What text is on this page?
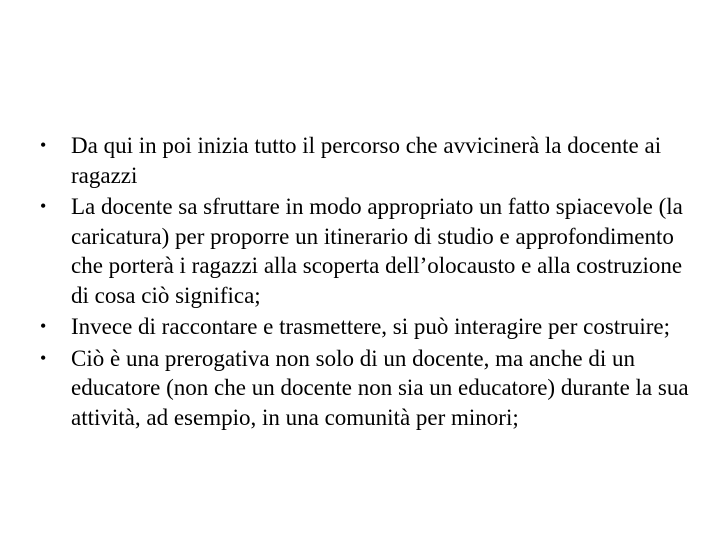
•	Da qui in poi inizia tutto il percorso che avvicinerà la docente ai ragazzi
•	La docente sa sfruttare in modo appropriato un fatto spiacevole (la caricatura) per proporre un itinerario di studio e approfondimento che porterà i ragazzi alla scoperta dell’olocausto e alla costruzione di cosa ciò significa;
•	Invece di raccontare e trasmettere, si può interagire per costruire;
•	Ciò è una prerogativa non solo di un docente, ma anche di un educatore (non che un docente non sia un educatore) durante la sua attività, ad esempio, in una comunità per minori;
